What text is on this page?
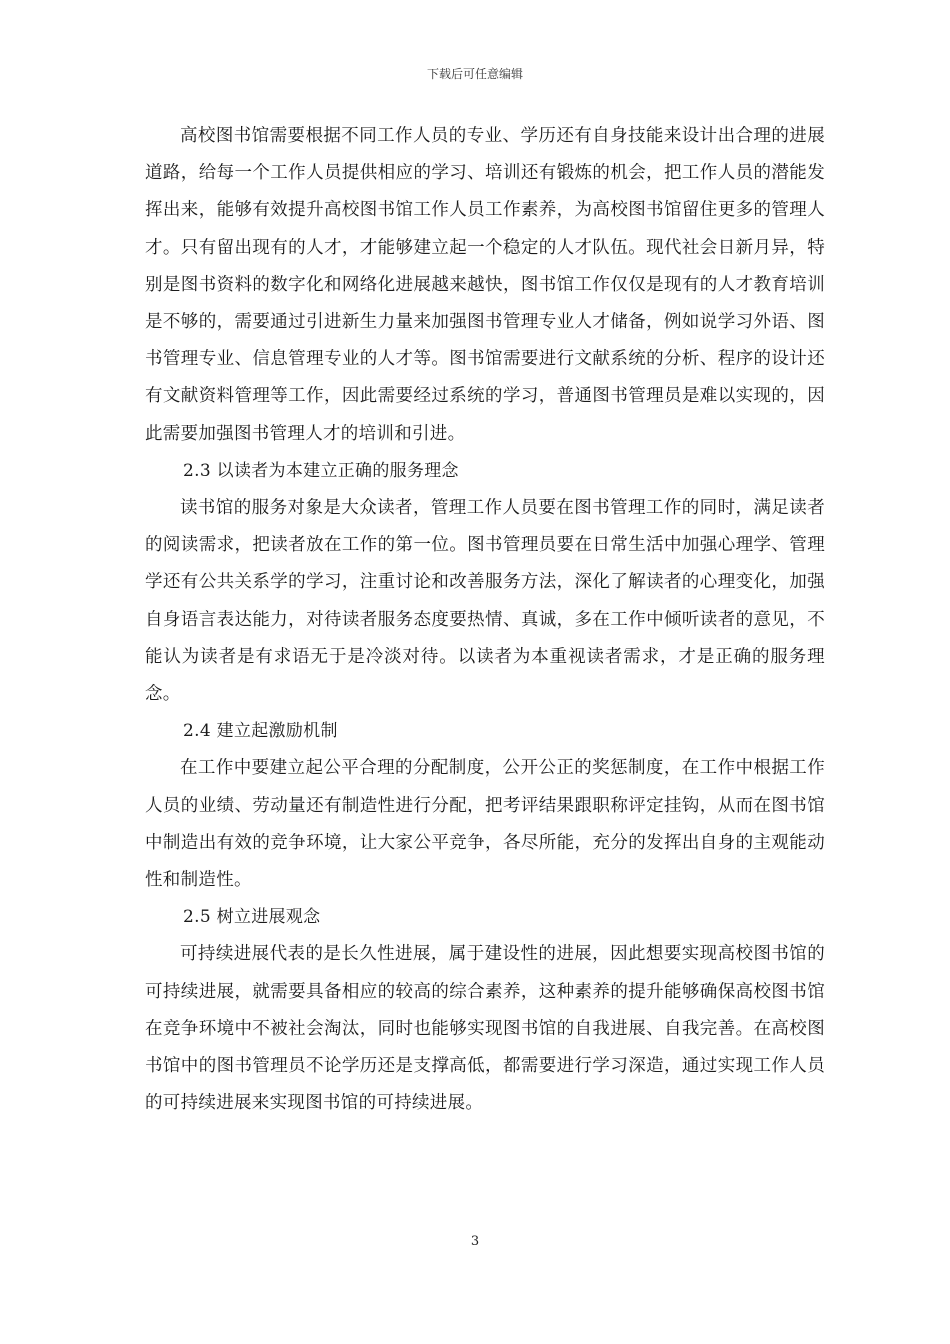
下载后可任意编辑

高校图书馆需要根据不同工作人员的专业、学历还有自身技能来设计出合理的进展道路，给每一个工作人员提供相应的学习、培训还有锻炼的机会，把工作人员的潜能发挥出来，能够有效提升高校图书馆工作人员工作素养，为高校图书馆留住更多的管理人才。只有留出现有的人才，才能够建立起一个稳定的人才队伍。现代社会日新月异，特别是图书资料的数字化和网络化进展越来越快，图书馆工作仅仅是现有的人才教育培训是不够的，需要通过引进新生力量来加强图书管理专业人才储备，例如说学习外语、图书管理专业、信息管理专业的人才等。图书馆需要进行文献系统的分析、程序的设计还有文献资料管理等工作，因此需要经过系统的学习，普通图书管理员是难以实现的，因此需要加强图书管理人才的培训和引进。

2.3 以读者为本建立正确的服务理念

读书馆的服务对象是大众读者，管理工作人员要在图书管理工作的同时，满足读者的阅读需求，把读者放在工作的第一位。图书管理员要在日常生活中加强心理学、管理学还有公共关系学的学习，注重讨论和改善服务方法，深化了解读者的心理变化，加强自身语言表达能力，对待读者服务态度要热情、真诚，多在工作中倾听读者的意见，不能认为读者是有求语无于是冷淡对待。以读者为本重视读者需求，才是正确的服务理念。

2.4 建立起激励机制

在工作中要建立起公平合理的分配制度，公开公正的奖惩制度，在工作中根据工作人员的业绩、劳动量还有制造性进行分配，把考评结果跟职称评定挂钩，从而在图书馆中制造出有效的竞争环境，让大家公平竞争，各尽所能，充分的发挥出自身的主观能动性和制造性。

2.5 树立进展观念

可持续进展代表的是长久性进展，属于建设性的进展，因此想要实现高校图书馆的可持续进展，就需要具备相应的较高的综合素养，这种素养的提升能够确保高校图书馆在竞争环境中不被社会淘汰，同时也能够实现图书馆的自我进展、自我完善。在高校图书馆中的图书管理员不论学历还是支撑高低，都需要进行学习深造，通过实现工作人员的可持续进展来实现图书馆的可持续进展。

3
